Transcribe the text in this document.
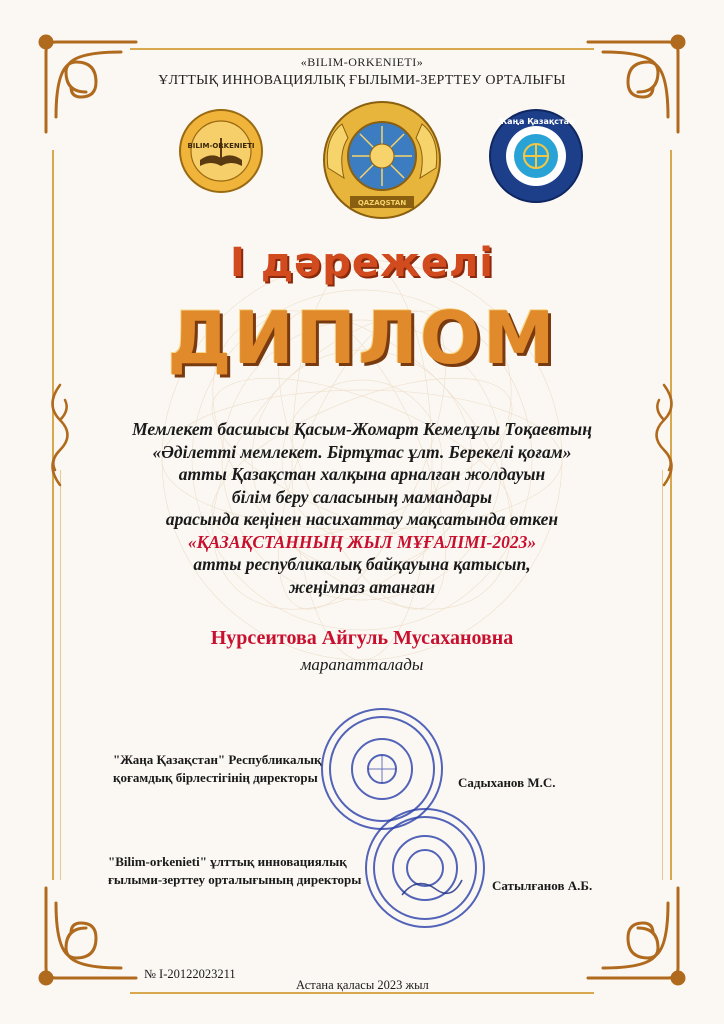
«BILIM-ORKENIETI»
ҰЛТТЫҚ ИННОВАЦИЯЛЫҚ ҒЫЛЫМИ-ЗЕРТТЕУ ОРТАЛЫҒЫ
BILIM-ORKENIETI
QAZAQSTAN
Жаңа Қазақстан
І дәрежелі
ДИПЛОМ
Мемлекет басшысы Қасым-Жомарт Кемелұлы Тоқаевтың
«Әділетті мемлекет. Біртұтас ұлт. Берекелі қоғам»
атты Қазақстан халқына арналған жолдауын
білім беру саласының мамандары
арасында кеңінен насихаттау мақсатында өткен
«ҚАЗАҚСТАННЫҢ ЖЫЛ МҰҒАЛІМІ-2023»
атты республикалық байқауына қатысып,
жеңімпаз атанған
Нурсеитова Айгуль Мусахановна
марапатталады
"Жаңа Қазақстан" Республикалық
қоғамдық бірлестігінің директоры	Садыханов М.С.
"Bilim-orkenieti" ұлттық инновациялық
ғылыми-зерттеу орталығының директоры	Сатылғанов А.Б.
№ I-20122023211
Астана қаласы 2023 жыл
